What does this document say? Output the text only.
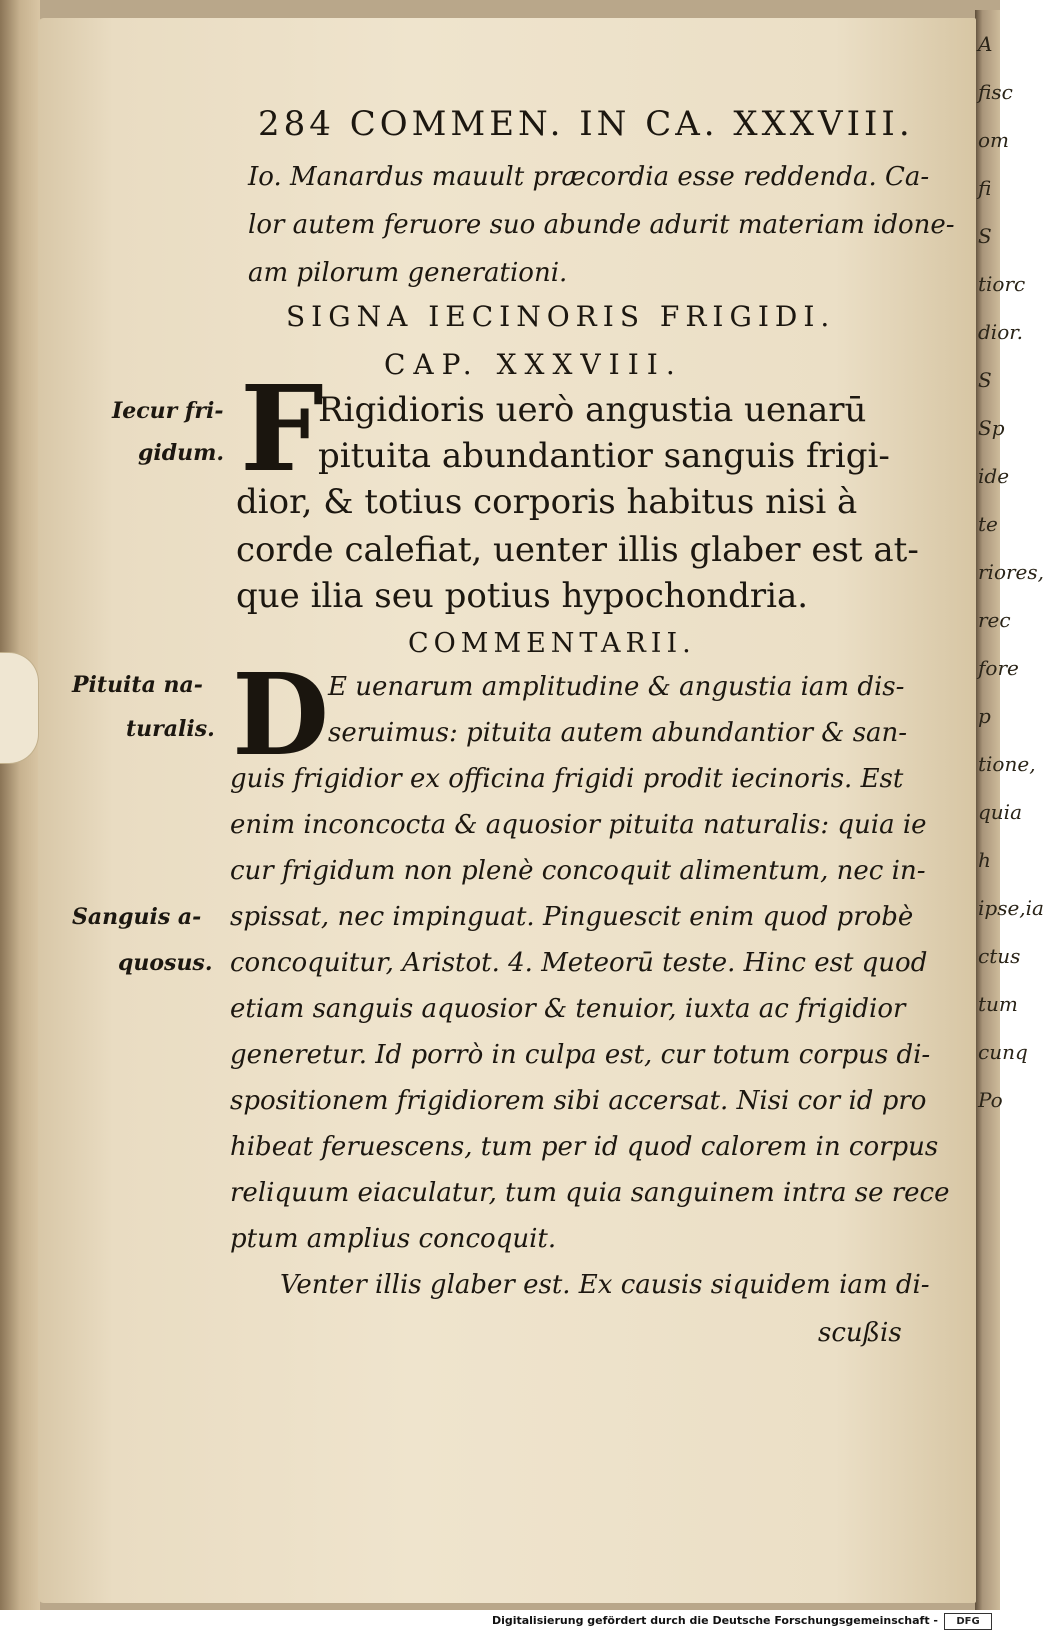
A
fisc
om fi
S
tiorc
dior.
S
Sp
ide te
riores,
rec
fore p
tione,
quia h
ipse,ia
ctus
tum
cunq
Po
284 COMMEN. IN CA. XXXVIII.
Io. Manardus mauult præcordia esse reddenda. Ca-
lor autem feruore suo abunde adurit materiam idone-
am pilorum generationi.
SIGNA IECINORIS FRIGIDI.
CAP. XXXVIII.
Iecur fri-
gidum. F
Rigidioris uerò angustia uenarū
pituita abundantior sanguis frigi-
dior, & totius corporis habitus nisi à
corde calefiat, uenter illis glaber est at-
que ilia seu potius hypochondria.
COMMENTARII.
Pituita na-
turalis. D
E uenarum amplitudine & angustia iam dis-
seruimus: pituita autem abundantior & san-
guis frigidior ex officina frigidi prodit iecinoris. Est
enim inconcocta & aquosior pituita naturalis: quia ie
cur frigidum non plenè concoquit alimentum, nec in-
Sanguis a-
quosus.
spissat, nec impinguat. Pinguescit enim quod probè
concoquitur, Aristot. 4. Meteorū teste. Hinc est quod
etiam sanguis aquosior & tenuior, iuxta ac frigidior
generetur. Id porrò in culpa est, cur totum corpus di-
spositionem frigidiorem sibi accersat. Nisi cor id pro
hibeat feruescens, tum per id quod calorem in corpus
reliquum eiaculatur, tum quia sanguinem intra se rece
ptum amplius concoquit.
Venter illis glaber est. Ex causis siquidem iam di-
scußis
Digitalisierung gefördert durch die Deutsche Forschungsgemeinschaft -	DFG
